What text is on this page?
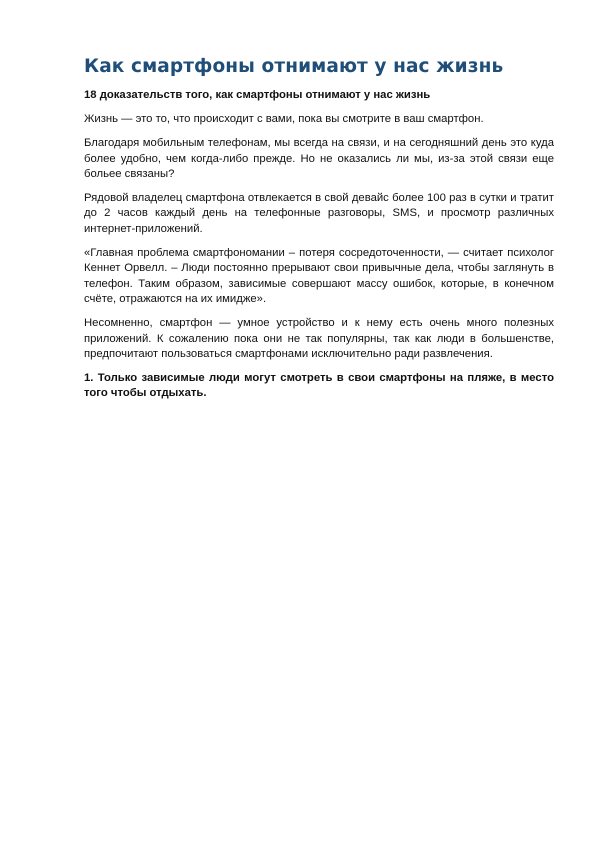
Как смартфоны отнимают у нас жизнь

18 доказательств того, как смартфоны отнимают у нас жизнь

Жизнь — это то, что происходит с вами, пока вы смотрите в ваш смартфон.

Благодаря мобильным телефонам, мы всегда на связи, и на сегодняшний день это куда более удобно, чем когда-либо прежде. Но не оказались ли мы, из-за этой связи еще больее связаны?

Рядовой владелец смартфона отвлекается в свой девайс более 100 раз в сутки и тратит до 2 часов каждый день на телефонные разговоры, SMS, и просмотр различных интернет-приложений.

«Главная проблема смартфономании – потеря сосредоточенности, — считает психолог Кеннет Орвелл. – Люди постоянно прерывают свои привычные дела, чтобы заглянуть в телефон. Таким образом, зависимые совершают массу ошибок, которые, в конечном счёте, отражаются на их имидже».

Несомненно, смартфон — умное устройство и к нему есть очень много полезных приложений. К сожалению пока они не так популярны, так как люди в большенстве, предпочитают пользоваться смартфонами исключительно ради развлечения.

1. Только зависимые люди могут смотреть в свои смартфоны на пляже, в место того чтобы отдыхать.
